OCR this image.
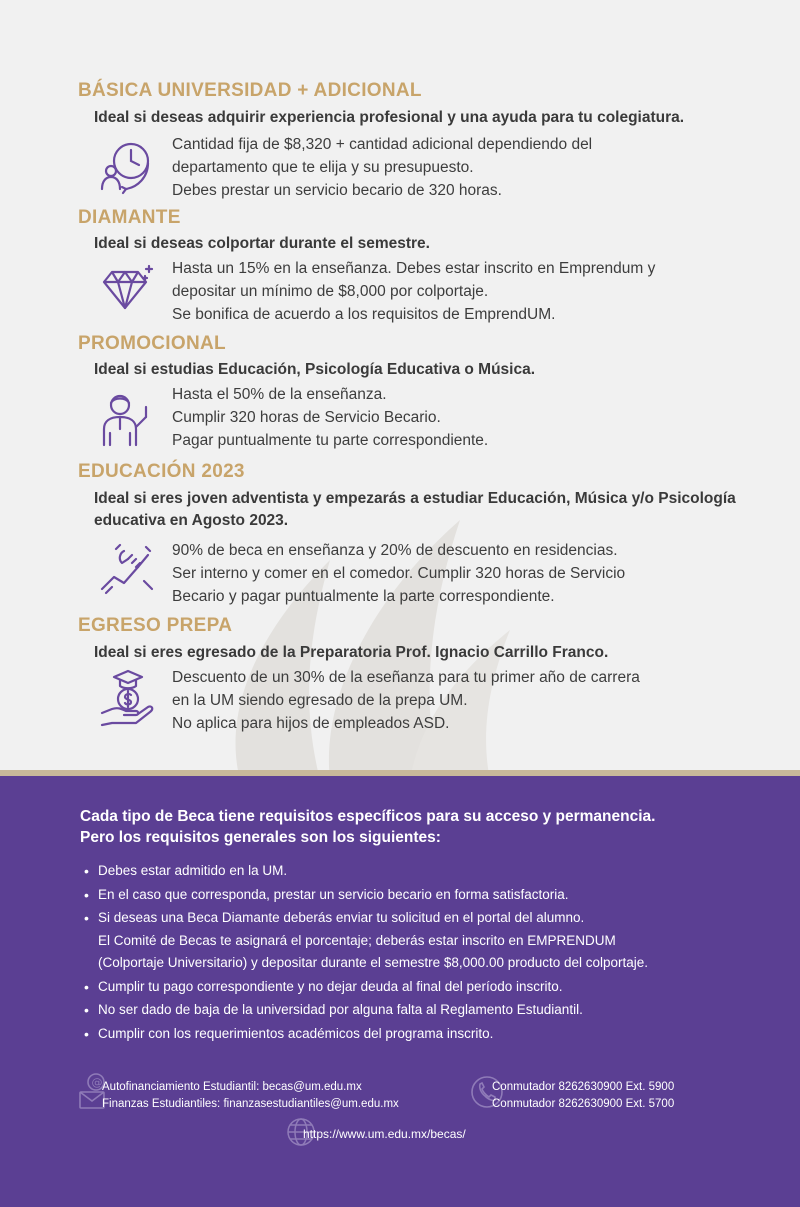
BÁSICA UNIVERSIDAD + ADICIONAL
Ideal si deseas adquirir experiencia profesional y una ayuda para tu colegiatura.
Cantidad fija de $8,320 + cantidad adicional dependiendo del
departamento que te elija y su presupuesto.
Debes prestar un servicio becario de 320 horas.
DIAMANTE
Ideal si deseas colportar durante el semestre.
Hasta un 15% en la enseñanza. Debes estar inscrito en Emprendum y
depositar un mínimo de $8,000 por colportaje.
Se bonifica de acuerdo a los requisitos de EmprendUM.
PROMOCIONAL
Ideal si estudias Educación, Psicología Educativa o Música.
Hasta el 50% de la enseñanza.
Cumplir 320 horas de Servicio Becario.
Pagar puntualmente tu parte correspondiente.
EDUCACIÓN 2023
Ideal si eres joven adventista y empezarás a estudiar Educación, Música y/o Psicología educativa en Agosto 2023.
90% de beca en enseñanza y 20% de descuento en residencias.
Ser interno y comer en el comedor. Cumplir 320 horas de Servicio
Becario y pagar puntualmente la parte correspondiente.
EGRESO PREPA
Ideal si eres egresado de la Preparatoria Prof. Ignacio Carrillo Franco.
Descuento de un 30% de la eseñanza para tu primer año de carrera
en la UM siendo egresado de la prepa UM.
No aplica para hijos de empleados ASD.
Cada tipo de Beca tiene requisitos específicos para su acceso y permanencia.
Pero los requisitos generales son los siguientes:
• Debes estar admitido en la UM.
• En el caso que corresponda, prestar un servicio becario en forma satisfactoria.
• Si deseas una Beca Diamante deberás enviar tu solicitud en el portal del alumno.
El Comité de Becas te asignará el porcentaje; deberás estar inscrito en EMPRENDUM
(Colportaje Universitario) y depositar durante el semestre $8,000.00 producto del colportaje.
• Cumplir tu pago correspondiente y no dejar deuda al final del período inscrito.
• No ser dado de baja de la universidad por alguna falta al Reglamento Estudiantil.
• Cumplir con los requerimientos académicos del programa inscrito.
@ Autofinanciamiento Estudiantil: becas@um.edu.mx
Finanzas Estudiantiles: finanzasestudiantiles@um.edu.mx
Conmutador 8262630900 Ext. 5900
Conmutador 8262630900 Ext. 5700
https://www.um.edu.mx/becas/
